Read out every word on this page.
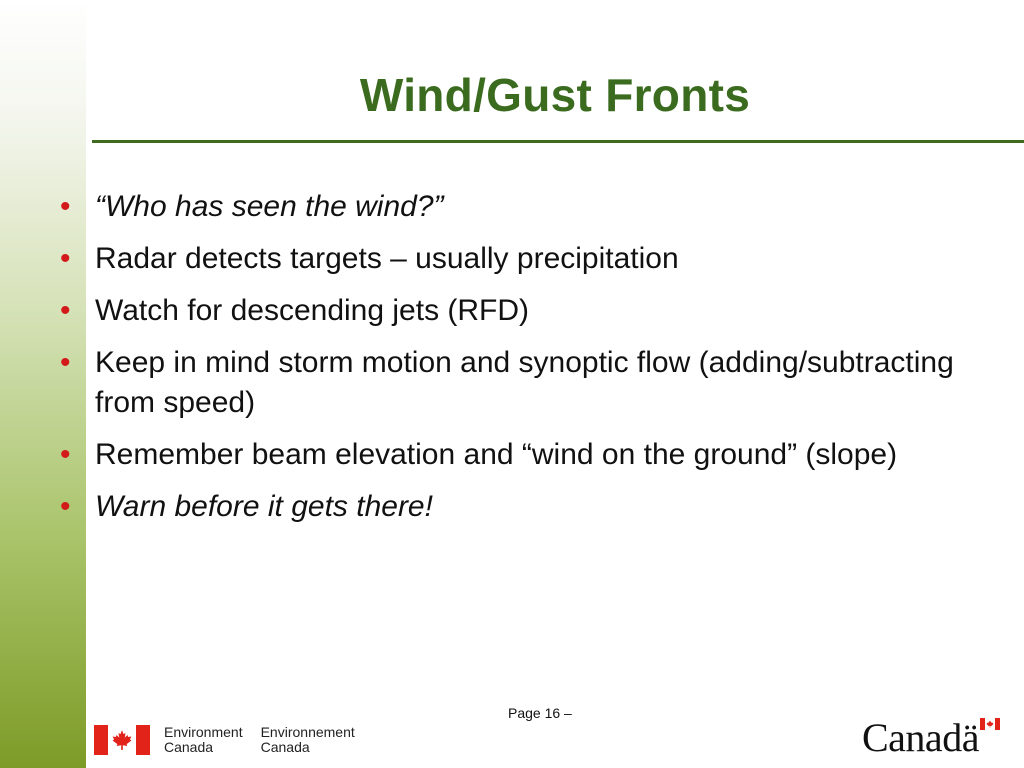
Wind/Gust Fronts
• “Who has seen the wind?”
• Radar detects targets – usually precipitation
• Watch for descending jets (RFD)
• Keep in mind storm motion and synoptic flow (adding/subtracting from speed)
• Remember beam elevation and “wind on the ground” (slope)
• Warn before it gets there!
Page 16 –
Environment
Canada
Environnement
Canada	Canadä
